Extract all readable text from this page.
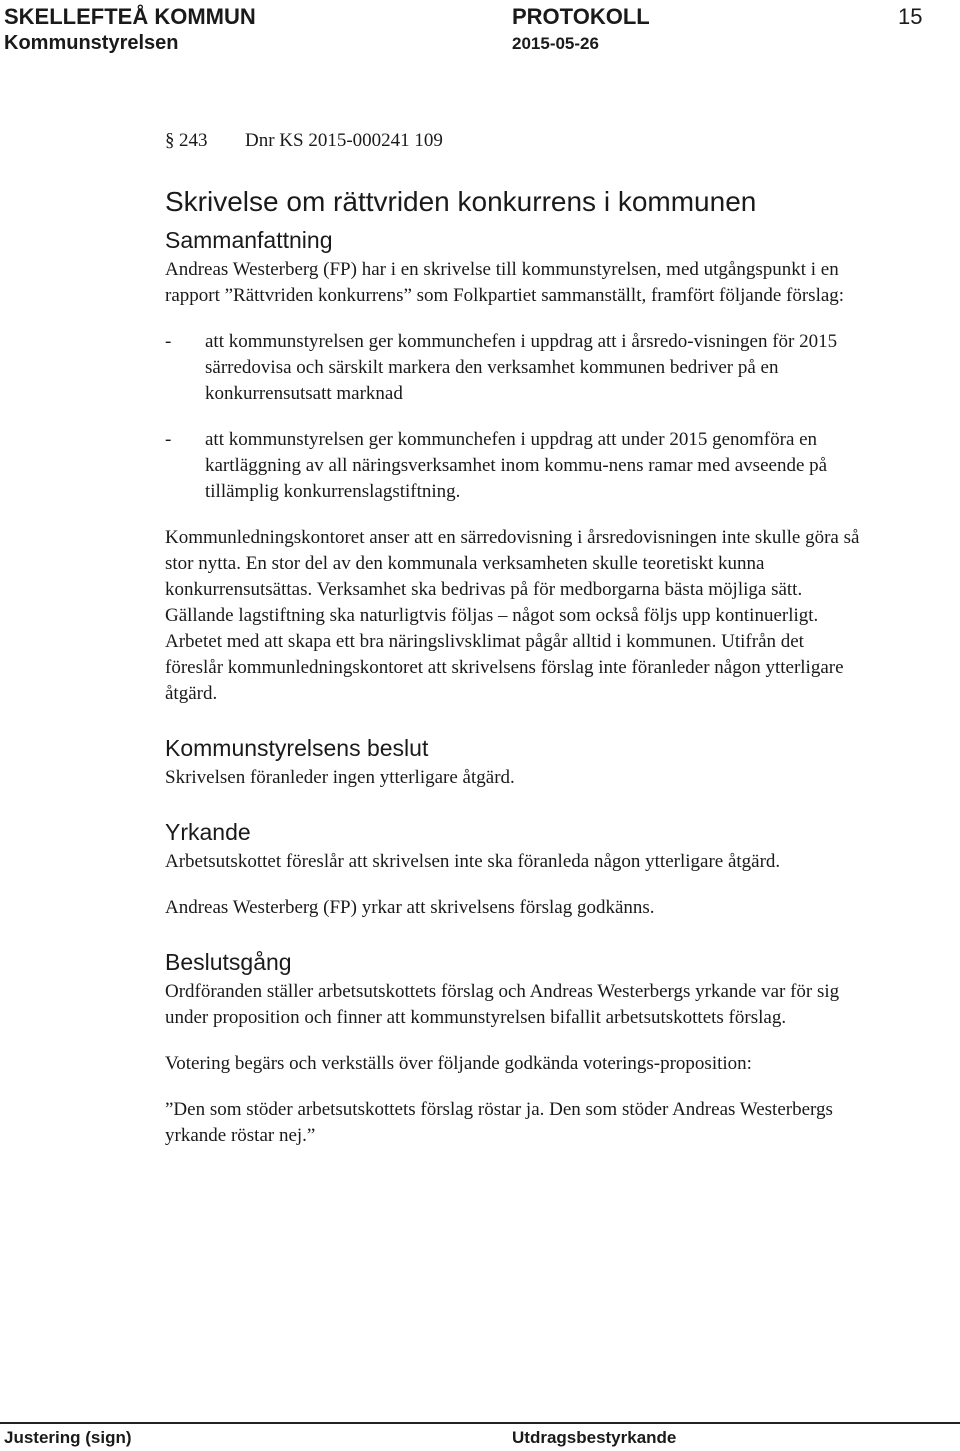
SKELLEFTEÅ KOMMUN	PROTOKOLL	15
Kommunstyrelsen	2015-05-26
§ 243	Dnr KS 2015-000241 109
Skrivelse om rättvriden konkurrens i kommunen
Sammanfattning

Andreas Westerberg (FP) har i en skrivelse till kommunstyrelsen, med utgångspunkt i en rapport ”Rättvriden konkurrens” som Folkpartiet sammanställt, framfört följande förslag:

-	att kommunstyrelsen ger kommunchefen i uppdrag att i årsredo-visningen för 2015 särredovisa och särskilt markera den verksamhet kommunen bedriver på en konkurrensutsatt marknad
-	att kommunstyrelsen ger kommunchefen i uppdrag att under 2015 genomföra en kartläggning av all näringsverksamhet inom kommu-nens ramar med avseende på tillämplig konkurrenslagstiftning.

Kommunledningskontoret anser att en särredovisning i årsredovisningen inte skulle göra så stor nytta. En stor del av den kommunala verksamheten skulle teoretiskt kunna konkurrensutsättas. Verksamhet ska bedrivas på för medborgarna bästa möjliga sätt. Gällande lagstiftning ska naturligtvis följas – något som också följs upp kontinuerligt. Arbetet med att skapa ett bra näringslivsklimat pågår alltid i kommunen. Utifrån det föreslår kommunledningskontoret att skrivelsens förslag inte föranleder någon ytterligare åtgärd.

Kommunstyrelsens beslut

Skrivelsen föranleder ingen ytterligare åtgärd.

Yrkande

Arbetsutskottet föreslår att skrivelsen inte ska föranleda någon ytterligare åtgärd.

Andreas Westerberg (FP) yrkar att skrivelsens förslag godkänns.

Beslutsgång

Ordföranden ställer arbetsutskottets förslag och Andreas Westerbergs yrkande var för sig under proposition och finner att kommunstyrelsen bifallit arbetsutskottets förslag.

Votering begärs och verkställs över följande godkända voterings-proposition:

”Den som stöder arbetsutskottets förslag röstar ja. Den som stöder Andreas Westerbergs yrkande röstar nej.”

Justering (sign)	Utdragsbestyrkande
